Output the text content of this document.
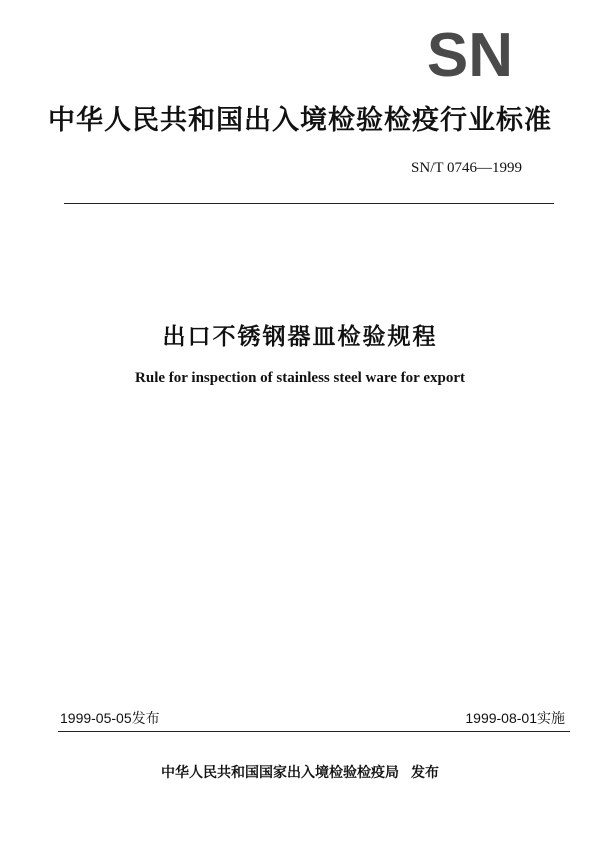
SN
中华人民共和国出入境检验检疫行业标准
SN/T 0746—1999
出口不锈钢器皿检验规程
Rule for inspection of stainless steel ware for export
1999-05-05发布	1999-08-01实施
中华人民共和国国家出入境检验检疫局 发布
